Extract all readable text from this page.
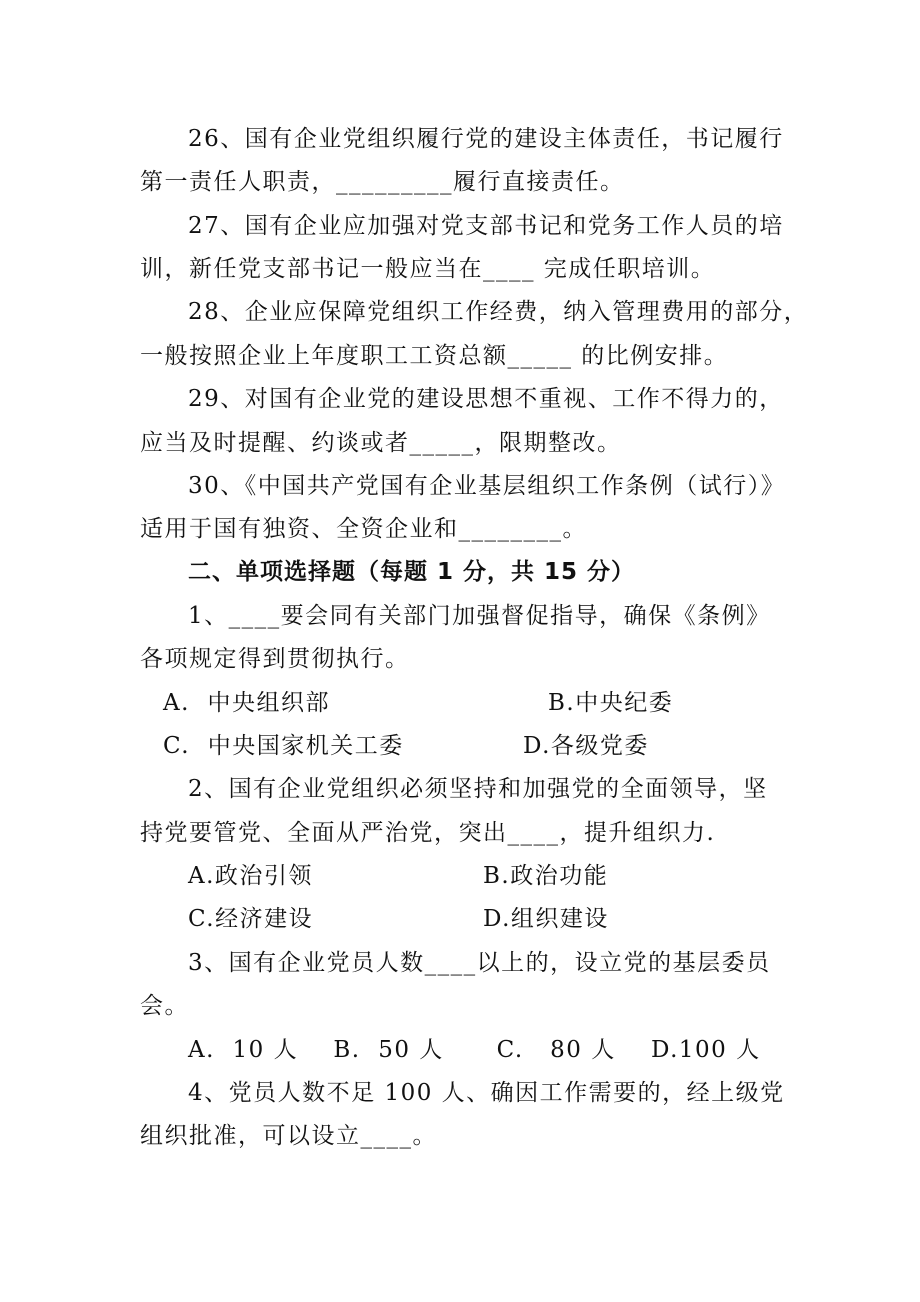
26、国有企业党组织履行党的建设主体责任，书记履行
第一责任人职责，_________履行直接责任。
27、国有企业应加强对党支部书记和党务工作人员的培
训，新任党支部书记一般应当在____ 完成任职培训。
28、企业应保障党组织工作经费，纳入管理费用的部分，
一般按照企业上年度职工工资总额_____ 的比例安排。
29、对国有企业党的建设思想不重视、工作不得力的，
应当及时提醒、约谈或者_____，限期整改。
30、《中国共产党国有企业基层组织工作条例（试行）》
适用于国有独资、全资企业和________。
二、单项选择题（每题 1 分，共 15 分）
1、____要会同有关部门加强督促指导，确保《条例》
各项规定得到贯彻执行。
A.  中央组织部	B.中央纪委
C.  中央国家机关工委	D.各级党委
2、国有企业党组织必须坚持和加强党的全面领导，坚
持党要管党、全面从严治党，突出____，提升组织力.
A.政治引领	B.政治功能
C.经济建设	D.组织建设
3、国有企业党员人数____以上的，设立党的基层委员
会。
A.  10 人    B.  50 人      C.   80 人    D.100 人
4、党员人数不足 100 人、确因工作需要的，经上级党
组织批准，可以设立____。
